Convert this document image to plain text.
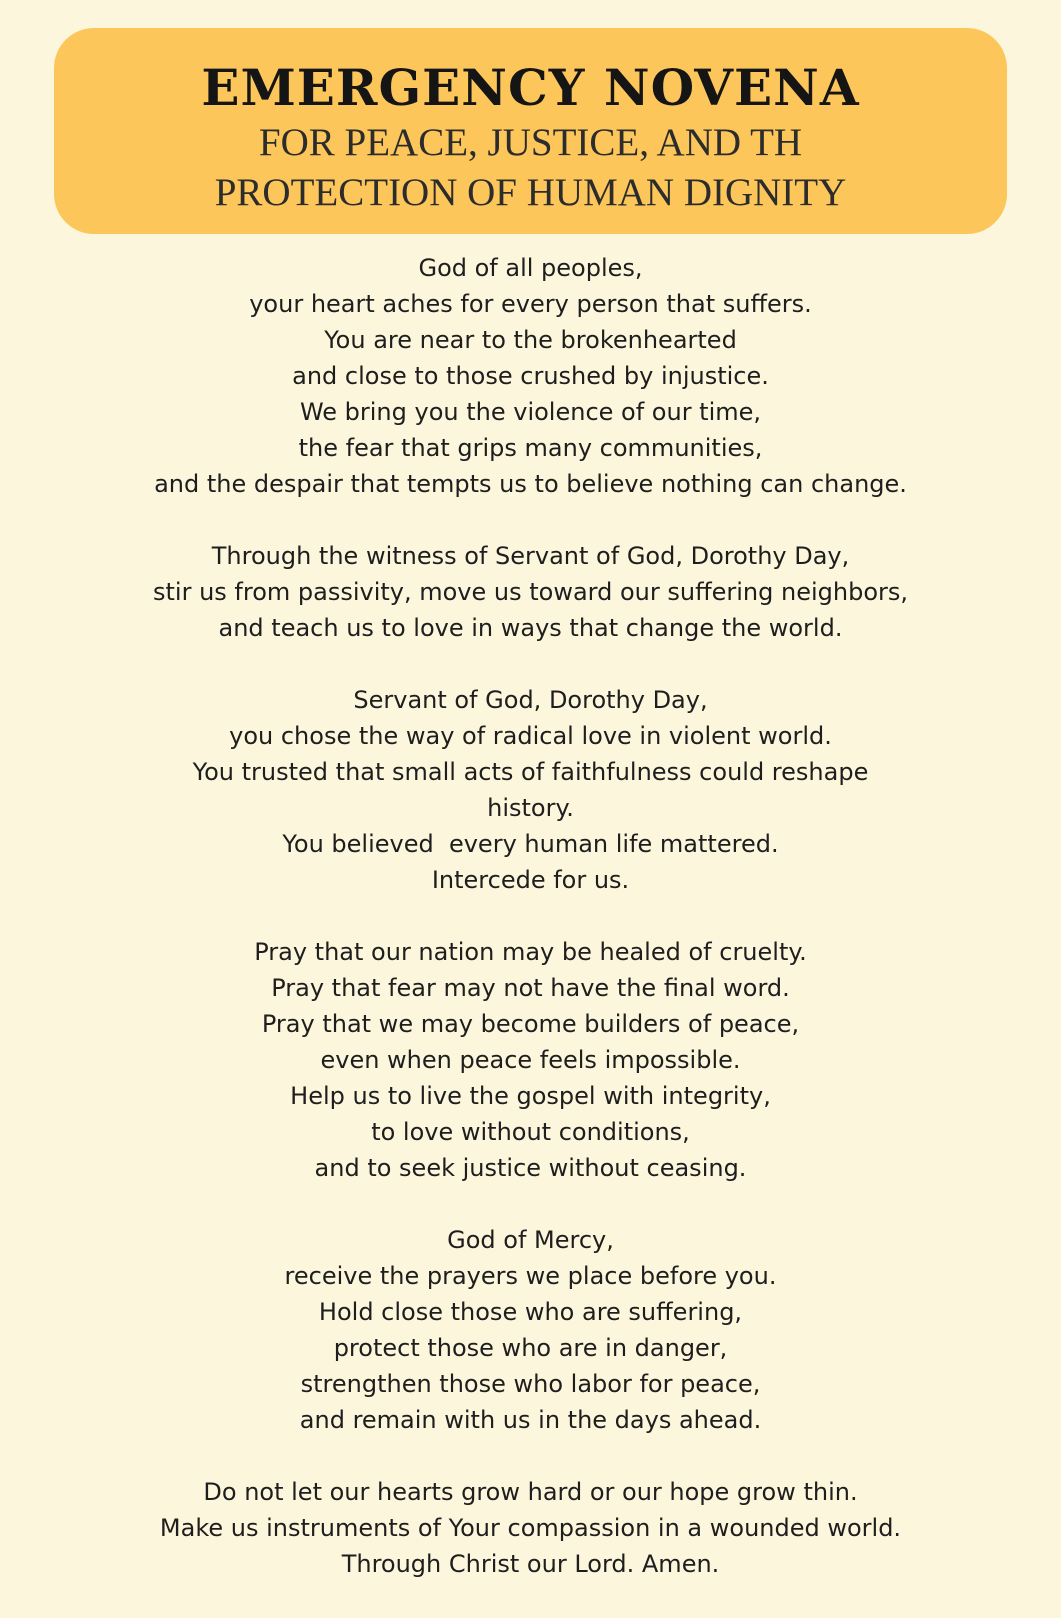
EMERGENCY NOVENA
FOR PEACE, JUSTICE, AND TH
PROTECTION OF HUMAN DIGNITY
God of all peoples,
your heart aches for every person that suffers.
You are near to the brokenhearted
and close to those crushed by injustice.
We bring you the violence of our time,
the fear that grips many communities,
and the despair that tempts us to believe nothing can change.
Through the witness of Servant of God, Dorothy Day,
stir us from passivity, move us toward our suffering neighbors,
and teach us to love in ways that change the world.
Servant of God, Dorothy Day,
you chose the way of radical love in violent world.
You trusted that small acts of faithfulness could reshape
history.
You believed  every human life mattered.
Intercede for us.
Pray that our nation may be healed of cruelty.
Pray that fear may not have the final word.
Pray that we may become builders of peace,
even when peace feels impossible.
Help us to live the gospel with integrity,
to love without conditions,
and to seek justice without ceasing.
God of Mercy,
receive the prayers we place before you.
Hold close those who are suffering,
protect those who are in danger,
strengthen those who labor for peace,
and remain with us in the days ahead.
Do not let our hearts grow hard or our hope grow thin.
Make us instruments of Your compassion in a wounded world.
Through Christ our Lord. Amen.
